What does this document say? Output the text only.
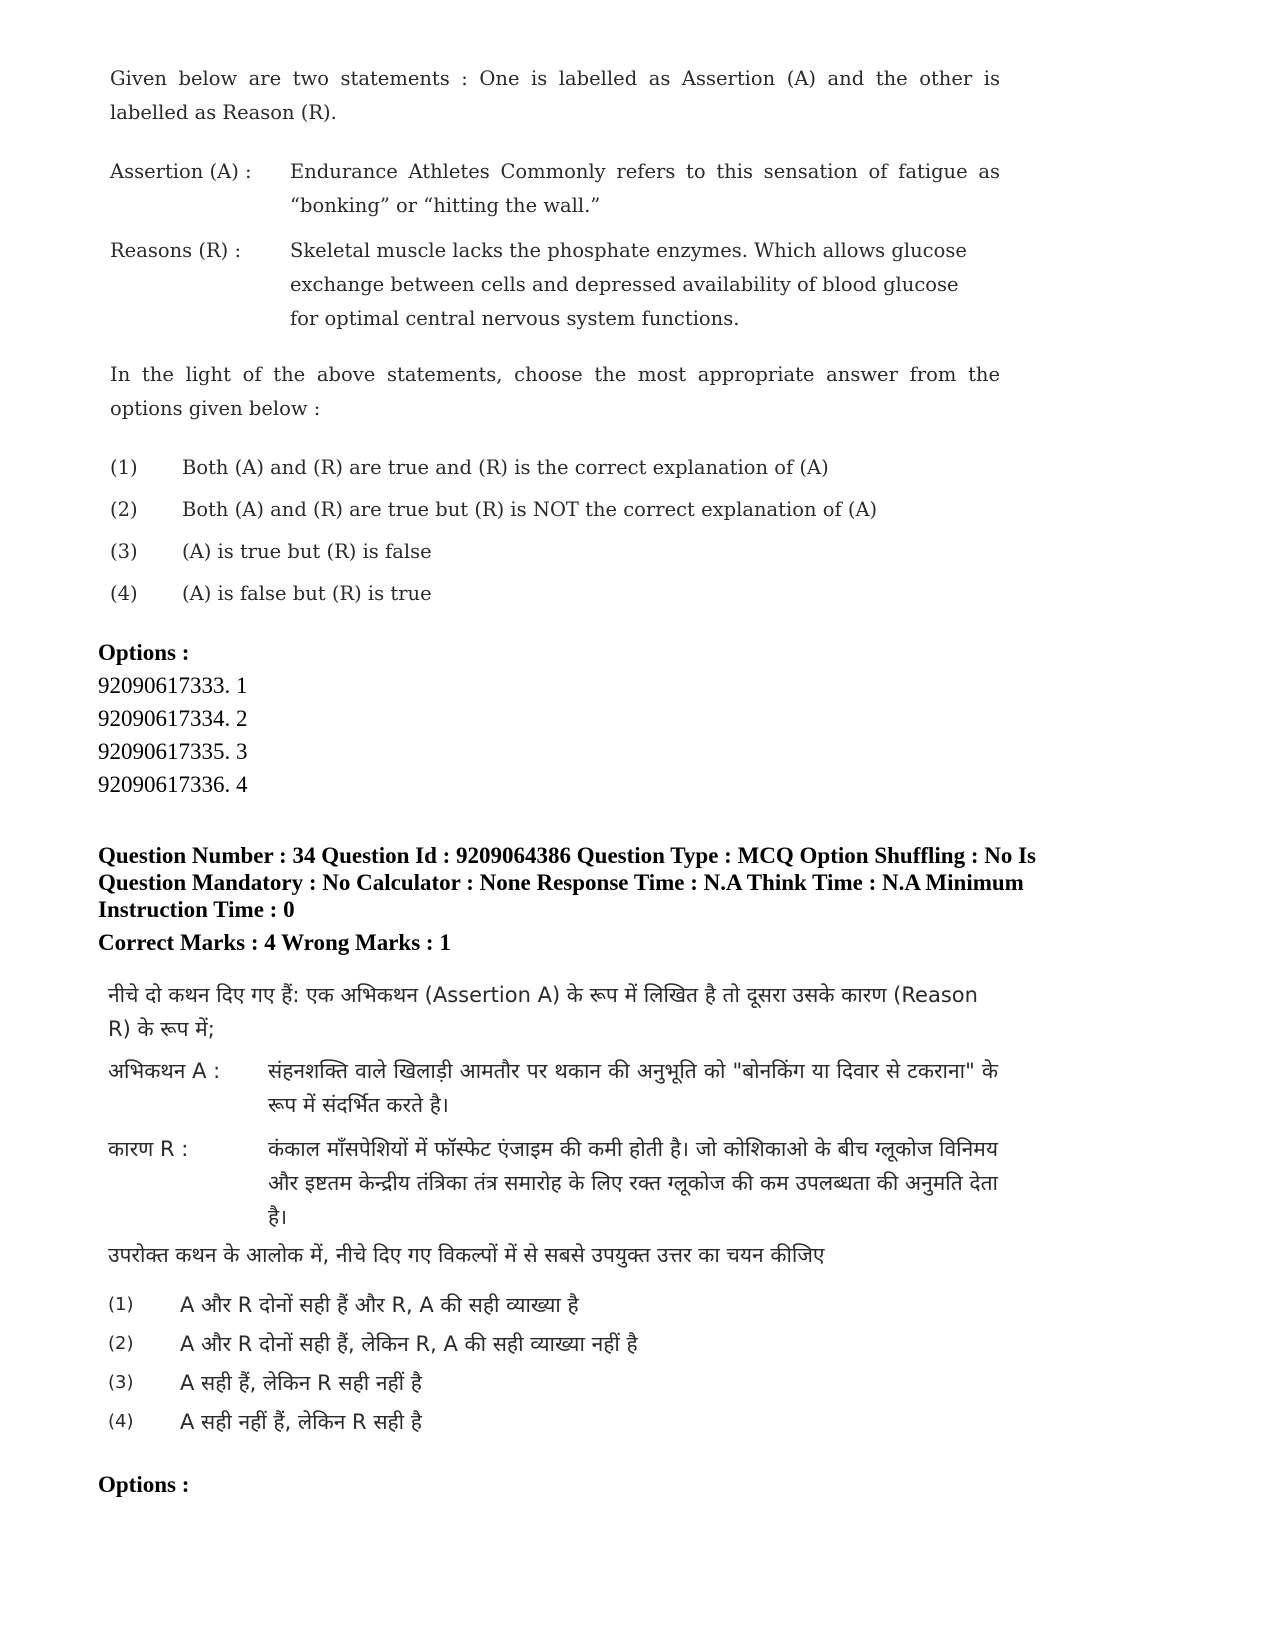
Given below are two statements : One is labelled as Assertion (A) and the other is labelled as Reason (R).

Assertion (A) : Endurance Athletes Commonly refers to this sensation of fatigue as “bonking” or “hitting the wall.”
Reasons (R) :	Skeletal muscle lacks the phosphate enzymes. Which allows glucose exchange between cells and depressed availability of blood glucose for optimal central nervous system functions.

In the light of the above statements, choose the most appropriate answer from the options given below :

(1) Both (A) and (R) are true and (R) is the correct explanation of (A)
(2) Both (A) and (R) are true but (R) is NOT the correct explanation of (A)
(3) (A) is true but (R) is false
(4) (A) is false but (R) is true
Options :
92090617333. 1
92090617334. 2
92090617335. 3
92090617336. 4
Question Number : 34 Question Id : 9209064386 Question Type : MCQ Option Shuffling : No Is
Question Mandatory : No Calculator : None Response Time : N.A Think Time : N.A Minimum
Instruction Time : 0
Correct Marks : 4 Wrong Marks : 1

नीचे दो कथन दिए गए हैं: एक अभिकथन (Assertion A) के रूप में लिखित है तो दूसरा उसके कारण (Reason R) के रूप में;

अभिकथन A : संहनशक्ति वाले खिलाड़ी आमतौर पर थकान की अनुभूति को "बोनकिंग या दिवार से टकराना" के रूप में संदर्भित करते है।
कारण R :	कंकाल माँसपेशियों में फॉस्फेट एंजाइम की कमी होती है। जो कोशिकाओ के बीच ग्लूकोज विनिमय और इष्टतम केन्द्रीय तंत्रिका तंत्र समारोह के लिए रक्त ग्लूकोज की कम उपलब्धता की अनुमति देता है।

उपरोक्त कथन के आलोक में, नीचे दिए गए विकल्पों में से सबसे उपयुक्त उत्तर का चयन कीजिए

(1) A और R दोनों सही हैं और R, A की सही व्याख्या है
(2) A और R दोनों सही हैं, लेकिन R, A की सही व्याख्या नहीं है
(3) A सही हैं, लेकिन R सही नहीं है
(4) A सही नहीं हैं, लेकिन R सही है
Options :
